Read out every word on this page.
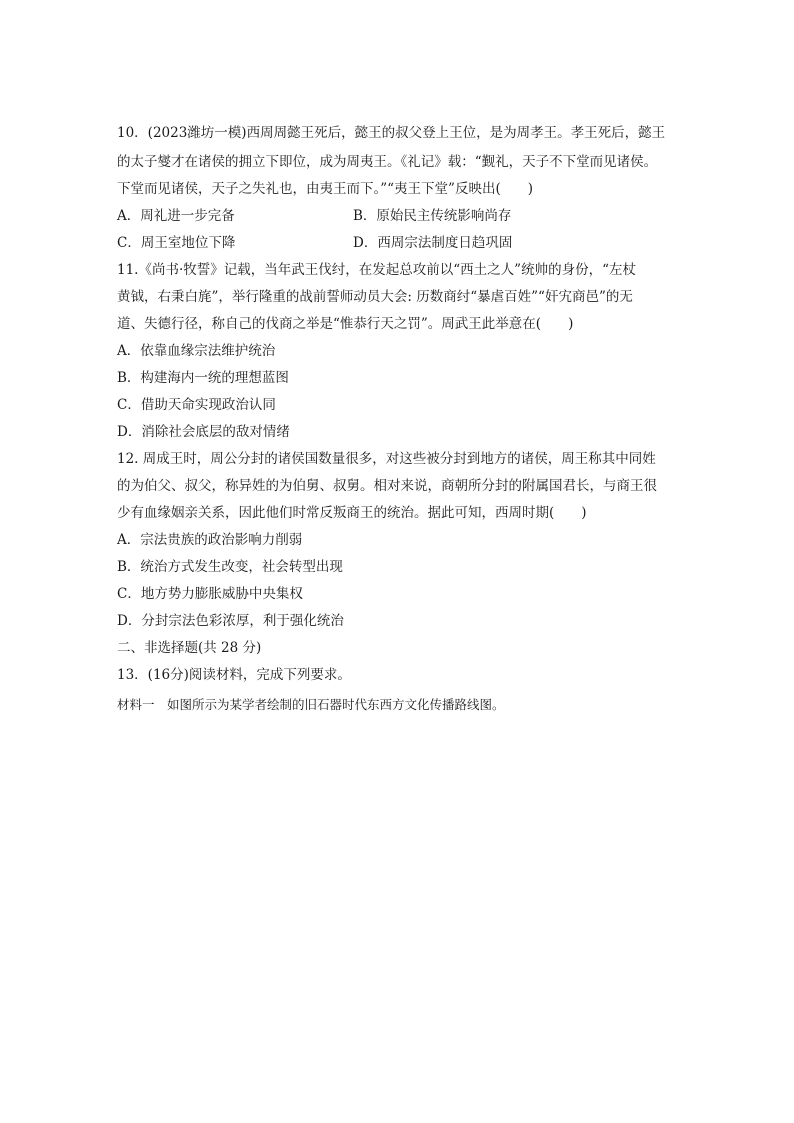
10．(2023潍坊一模)西周周懿王死后，懿王的叔父登上王位，是为周孝王。孝王死后，懿王
的太子燮才在诸侯的拥立下即位，成为周夷王。《礼记》载：“觐礼，天子不下堂而见诸侯。
下堂而见诸侯，天子之失礼也，由夷王而下。”“夷王下堂”反映出(　　)
A．周礼进一步完备	B．原始民主传统影响尚存
C．周王室地位下降	D．西周宗法制度日趋巩固
11.《尚书·牧誓》记载，当年武王伐纣，在发起总攻前以“西土之人”统帅的身份，“左杖
黄钺，右秉白旄”，举行隆重的战前誓师动员大会: 历数商纣“暴虐百姓”“奸宄商邑”的无
道、失德行径，称自己的伐商之举是“惟恭行天之罚”。周武王此举意在(　　)
A．依靠血缘宗法维护统治
B．构建海内一统的理想蓝图
C．借助天命实现政治认同
D．消除社会底层的敌对情绪
12. 周成王时，周公分封的诸侯国数量很多，对这些被分封到地方的诸侯，周王称其中同姓
的为伯父、叔父，称异姓的为伯舅、叔舅。相对来说，商朝所分封的附属国君长，与商王很
少有血缘姻亲关系，因此他们时常反叛商王的统治。据此可知，西周时期(　　)
A．宗法贵族的政治影响力削弱
B．统治方式发生改变，社会转型出现
C．地方势力膨胀威胁中央集权
D．分封宗法色彩浓厚，利于强化统治
二、非选择题(共 28 分)
13．(16分)阅读材料，完成下列要求。
材料一　如图所示为某学者绘制的旧石器时代东西方文化传播路线图。
